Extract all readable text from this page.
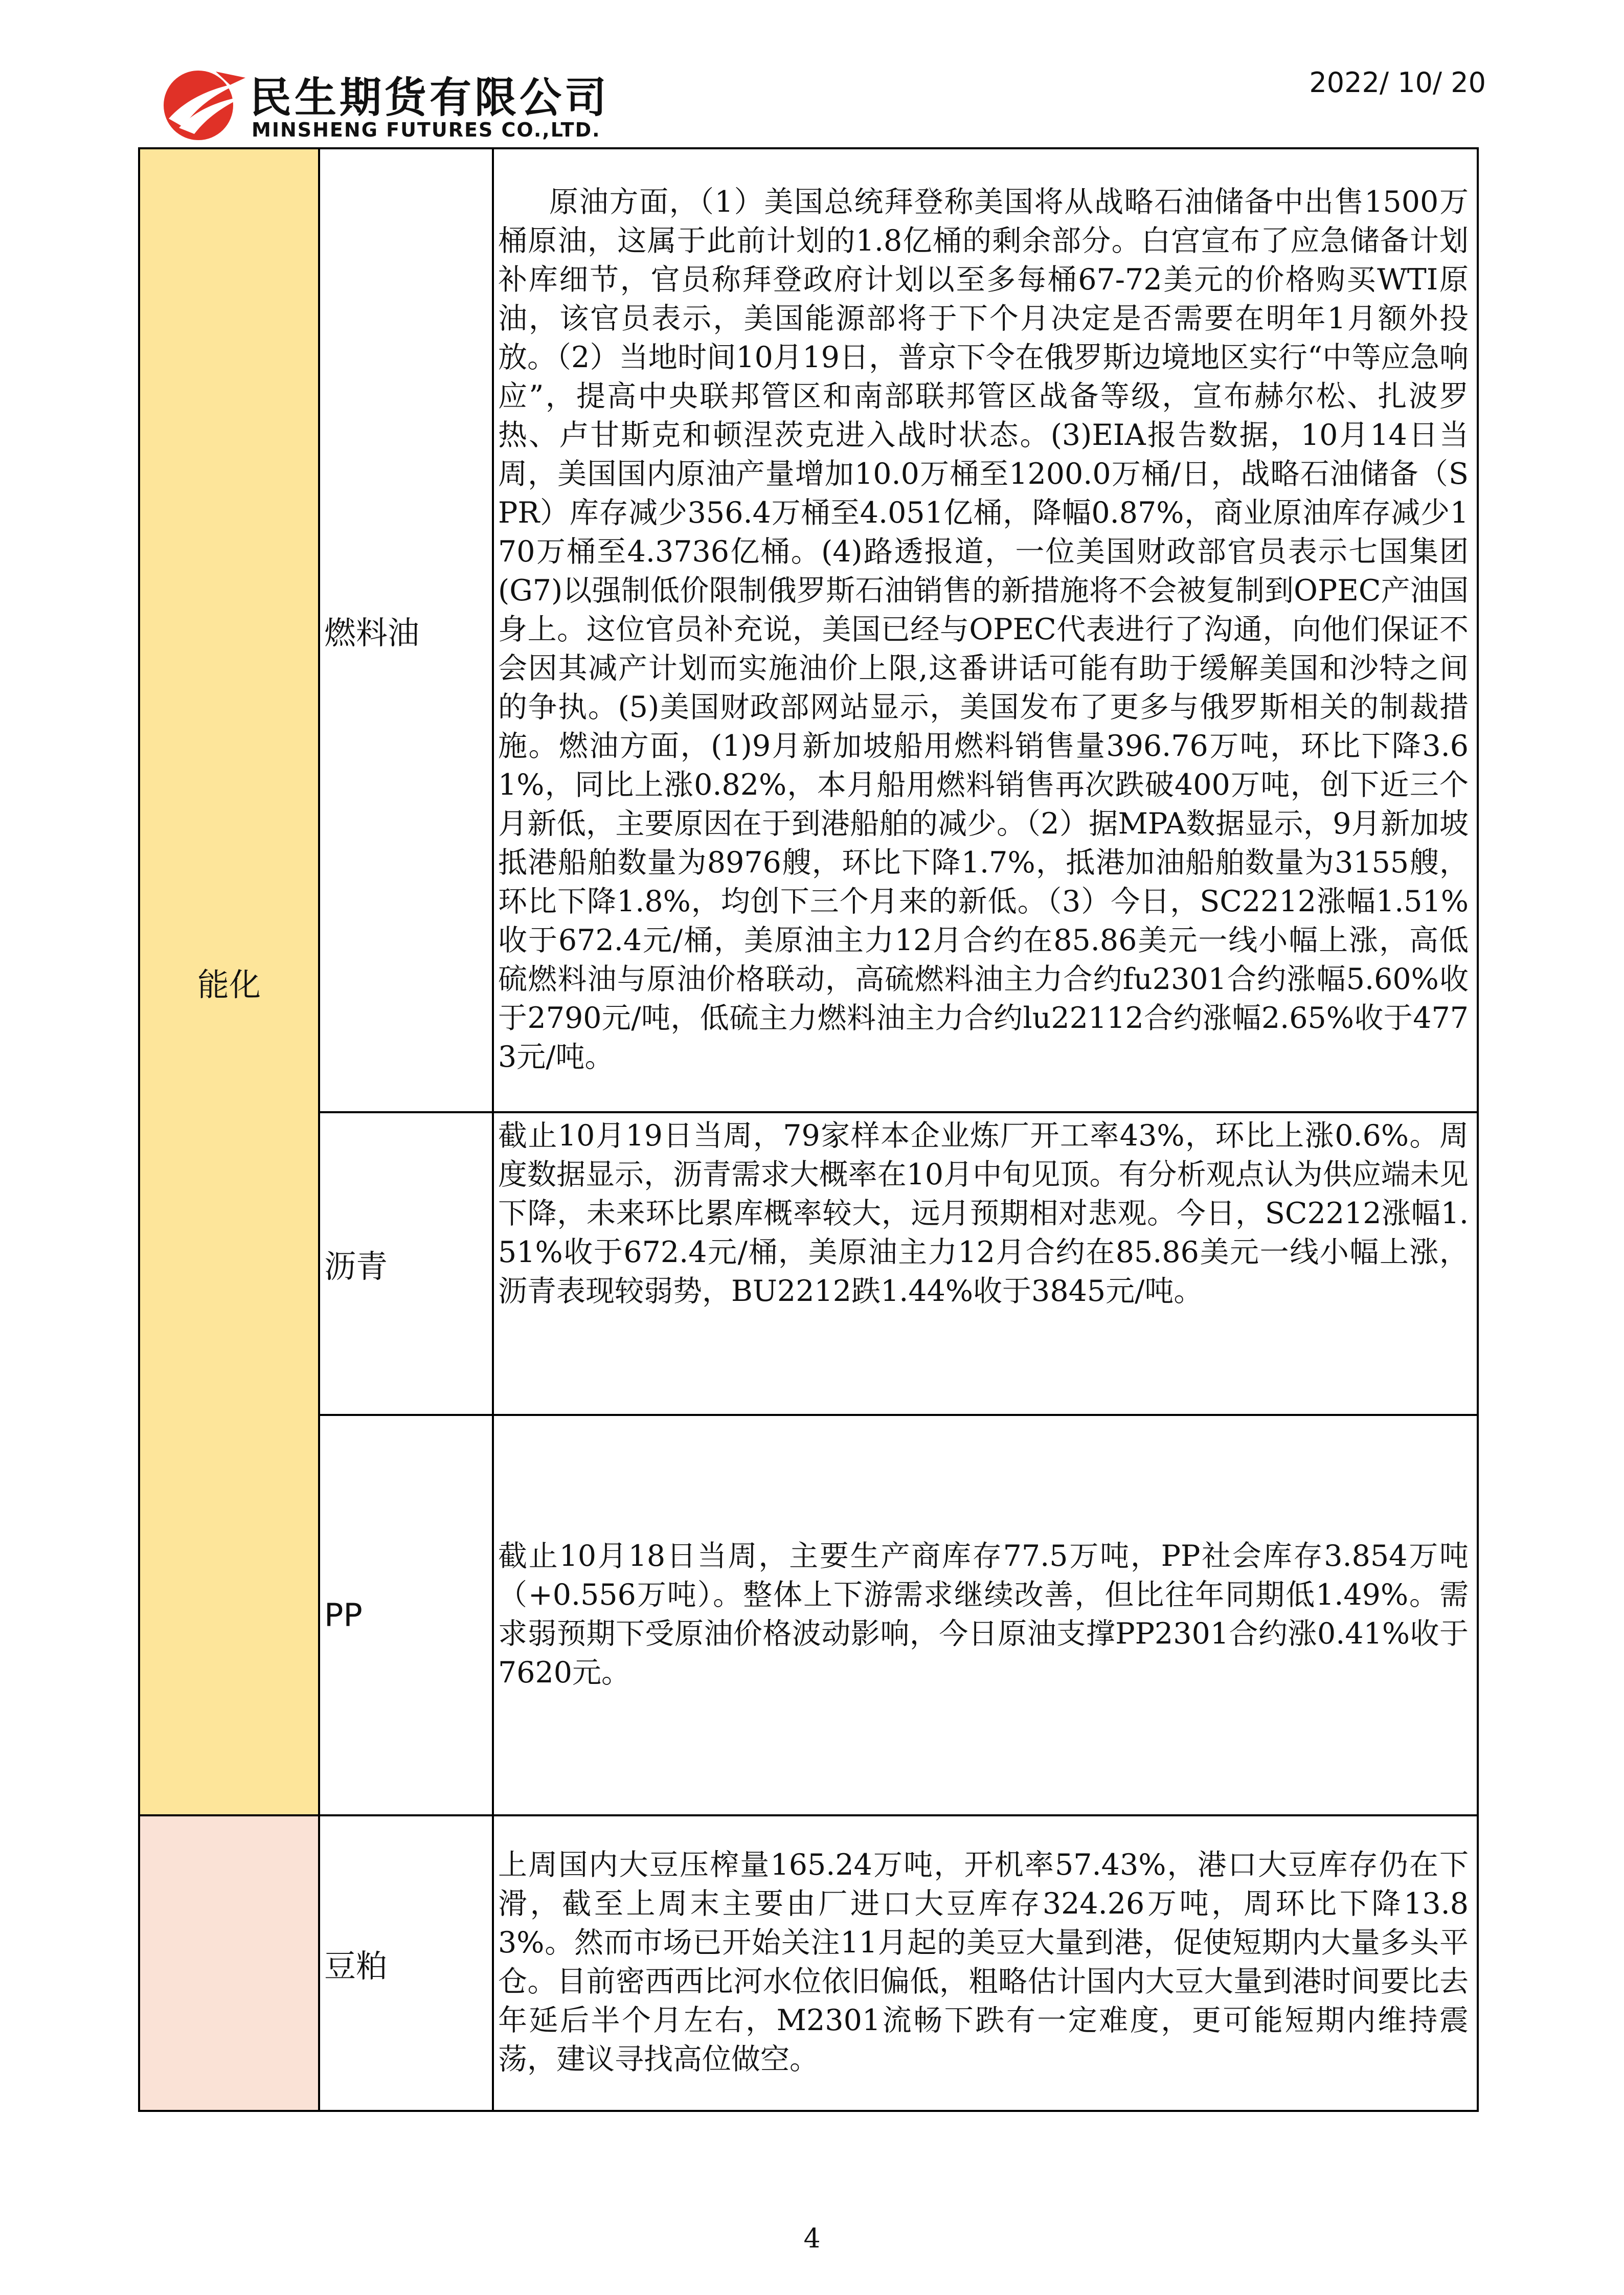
民生期货有限公司
MINSHENG FUTURES CO.,LTD.
2022/ 10/ 20
能化	燃料油	原油方面，（1）美国总统拜登称美国将从战略石油储备中出售1500万桶原油，这属于此前计划的1.8亿桶的剩余部分。白宫宣布了应急储备计划补库细节，官员称拜登政府计划以至多每桶67-72美元的价格购买WTI原油，该官员表示，美国能源部将于下个月决定是否需要在明年1月额外投放。（2）当地时间10月19日，普京下令在俄罗斯边境地区实行“中等应急响应”，提高中央联邦管区和南部联邦管区战备等级，宣布赫尔松、扎波罗热、卢甘斯克和顿涅茨克进入战时状态。(3)EIA报告数据，10月14日当周，美国国内原油产量增加10.0万桶至1200.0万桶/日，战略石油储备（SPR）库存减少356.4万桶至4.051亿桶，降幅0.87%，商业原油库存减少170万桶至4.3736亿桶。(4)路透报道，一位美国财政部官员表示七国集团(G7)以强制低价限制俄罗斯石油销售的新措施将不会被复制到OPEC产油国身上。这位官员补充说，美国已经与OPEC代表进行了沟通，向他们保证不会因其减产计划而实施油价上限,这番讲话可能有助于缓解美国和沙特之间的争执。(5)美国财政部网站显示，美国发布了更多与俄罗斯相关的制裁措施。燃油方面，(1)9月新加坡船用燃料销售量396.76万吨，环比下降3.61%，同比上涨0.82%，本月船用燃料销售再次跌破400万吨，创下近三个月新低，主要原因在于到港船舶的减少。（2）据MPA数据显示，9月新加坡抵港船舶数量为8976艘，环比下降1.7%，抵港加油船舶数量为3155艘，环比下降1.8%，均创下三个月来的新低。（3）今日，SC2212涨幅1.51%收于672.4元/桶，美原油主力12月合约在85.86美元一线小幅上涨，高低硫燃料油与原油价格联动，高硫燃料油主力合约fu2301合约涨幅5.60%收于2790元/吨，低硫主力燃料油主力合约lu22112合约涨幅2.65%收于4773元/吨。
	沥青	截止10月19日当周，79家样本企业炼厂开工率43%，环比上涨0.6%。周度数据显示，沥青需求大概率在10月中旬见顶。有分析观点认为供应端未见下降，未来环比累库概率较大，远月预期相对悲观。今日，SC2212涨幅1.51%收于672.4元/桶，美原油主力12月合约在85.86美元一线小幅上涨，沥青表现较弱势，BU2212跌1.44%收于3845元/吨。
	PP	截止10月18日当周，主要生产商库存77.5万吨，PP社会库存3.854万吨（+0.556万吨）。整体上下游需求继续改善，但比往年同期低1.49%。需求弱预期下受原油价格波动影响，今日原油支撑PP2301合约涨0.41%收于7620元。
	豆粕	上周国内大豆压榨量165.24万吨，开机率57.43%，港口大豆库存仍在下滑，截至上周末主要由厂进口大豆库存324.26万吨，周环比下降13.83%。然而市场已开始关注11月起的美豆大量到港，促使短期内大量多头平仓。目前密西西比河水位依旧偏低，粗略估计国内大豆大量到港时间要比去年延后半个月左右，M2301流畅下跌有一定难度，更可能短期内维持震荡，建议寻找高位做空。
4
